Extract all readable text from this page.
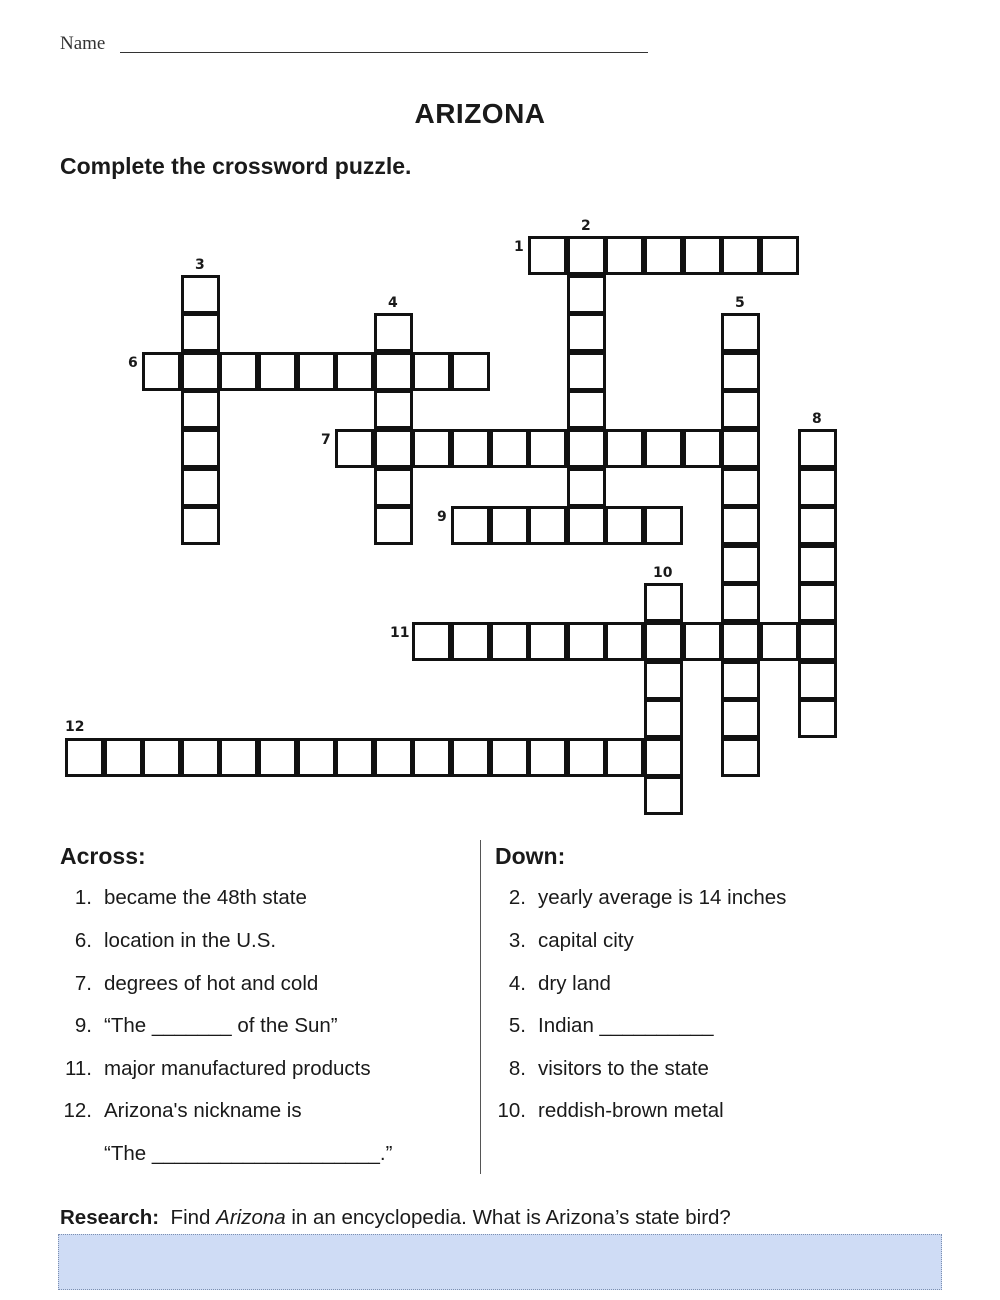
Name
ARIZONA
Complete the crossword puzzle.
1
2
3
4	5
6
7
8
9
10
11
12
Across:	Down:
1. became the 48th state
6. location in the U.S.
7. degrees of hot and cold
9. “The _______ of the Sun”
11. major manufactured products
12. Arizona's nickname is
“The ____________________.”
2. yearly average is 14 inches
3. capital city
4. dry land
5. Indian __________
8. visitors to the state
10. reddish-brown metal
Research: Find Arizona in an encyclopedia. What is Arizona’s state bird?
